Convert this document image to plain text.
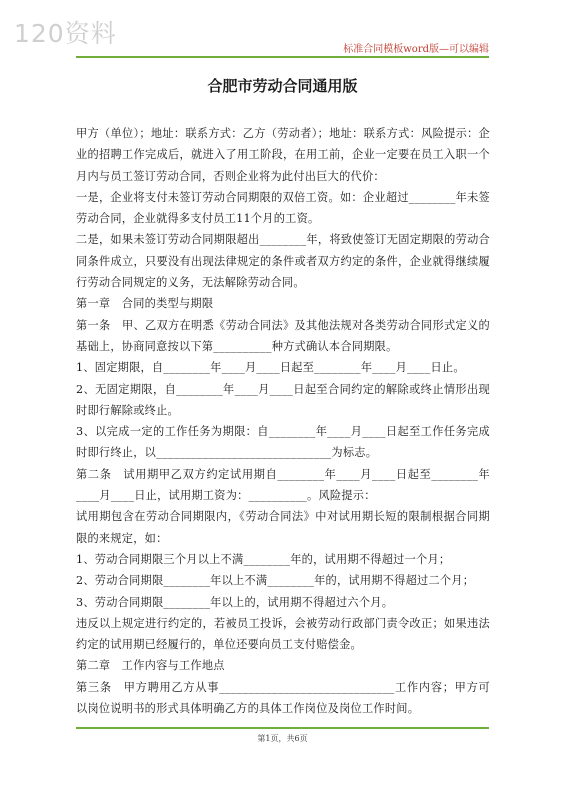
120资料
标准合同模板word版—可以编辑
合肥市劳动合同通用版

甲方（单位）；地址：联系方式：乙方（劳动者）；地址：联系方式：风险提示：企业的招聘工作完成后，就进入了用工阶段，在用工前，企业一定要在员工入职一个月内与员工签订劳动合同，否则企业将为此付出巨大的代价：

一是，企业将支付未签订劳动合同期限的双倍工资。如：企业超过________年未签劳动合同，企业就得多支付员工11个月的工资。

二是，如果未签订劳动合同期限超出________年，将致使签订无固定期限的劳动合同条件成立，只要没有出现法律规定的条件或者双方约定的条件，企业就得继续履行劳动合同规定的义务，无法解除劳动合同。

第一章　合同的类型与期限

第一条　甲、乙双方在明悉《劳动合同法》及其他法规对各类劳动合同形式定义的基础上，协商同意按以下第__________种方式确认本合同期限。

1、固定期限，自________年____月____日起至________年____月____日止。

2、无固定期限，自________年____月____日起至合同约定的解除或终止情形出现时即行解除或终止。

3、以完成一定的工作任务为期限：自________年____月____日起至工作任务完成时即行终止，以______________________________为标志。

第二条　试用期甲乙双方约定试用期自________年____月____日起至________年____月____日止，试用期工资为：__________。风险提示：

试用期包含在劳动合同期限内，《劳动合同法》中对试用期长短的限制根据合同期限的来规定，如：

1、劳动合同期限三个月以上不满________年的，试用期不得超过一个月；

2、劳动合同期限________年以上不满________年的，试用期不得超过二个月；

3、劳动合同期限________年以上的，试用期不得超过六个月。

违反以上规定进行约定的，若被员工投诉，会被劳动行政部门责令改正；如果违法约定的试用期已经履行的，单位还要向员工支付赔偿金。

第二章　工作内容与工作地点

第三条　甲方聘用乙方从事______________________________工作内容；甲方可以岗位说明书的形式具体明确乙方的具体工作岗位及岗位工作时间。

第1页，共6页
